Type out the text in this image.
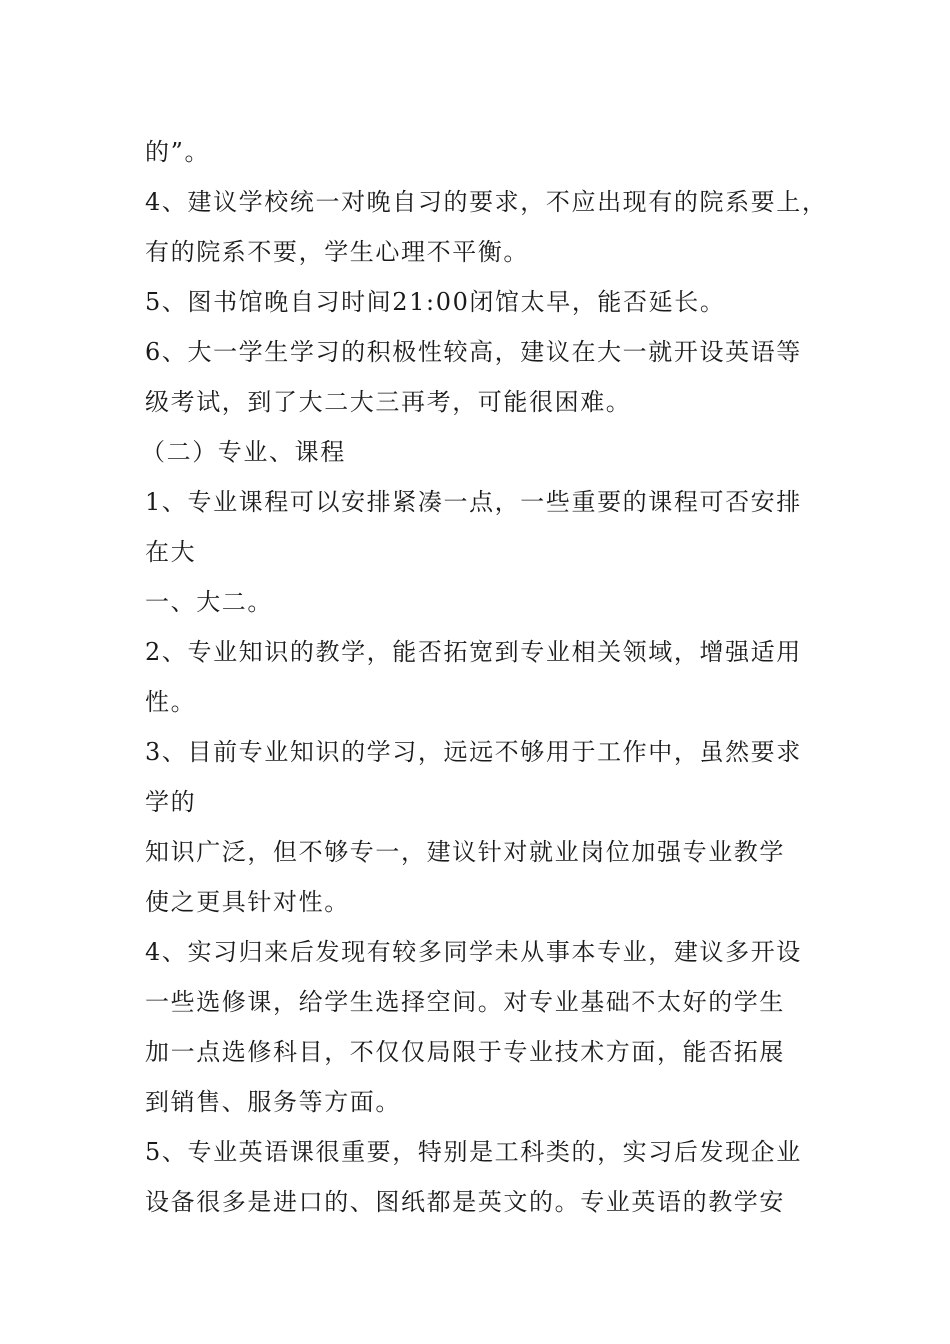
的”。
4、建议学校统一对晚自习的要求，不应出现有的院系要上，
有的院系不要，学生心理不平衡。
5、图书馆晚自习时间21:00闭馆太早，能否延长。
6、大一学生学习的积极性较高，建议在大一就开设英语等
级考试，到了大二大三再考，可能很困难。
（二）专业、课程
1、专业课程可以安排紧凑一点，一些重要的课程可否安排
在大
一、大二。
2、专业知识的教学，能否拓宽到专业相关领域，增强适用
性。
3、目前专业知识的学习，远远不够用于工作中，虽然要求
学的
知识广泛，但不够专一，建议针对就业岗位加强专业教学
使之更具针对性。
4、实习归来后发现有较多同学未从事本专业，建议多开设
一些选修课，给学生选择空间。对专业基础不太好的学生
加一点选修科目，不仅仅局限于专业技术方面，能否拓展
到销售、服务等方面。
5、专业英语课很重要，特别是工科类的，实习后发现企业
设备很多是进口的、图纸都是英文的。专业英语的教学安
